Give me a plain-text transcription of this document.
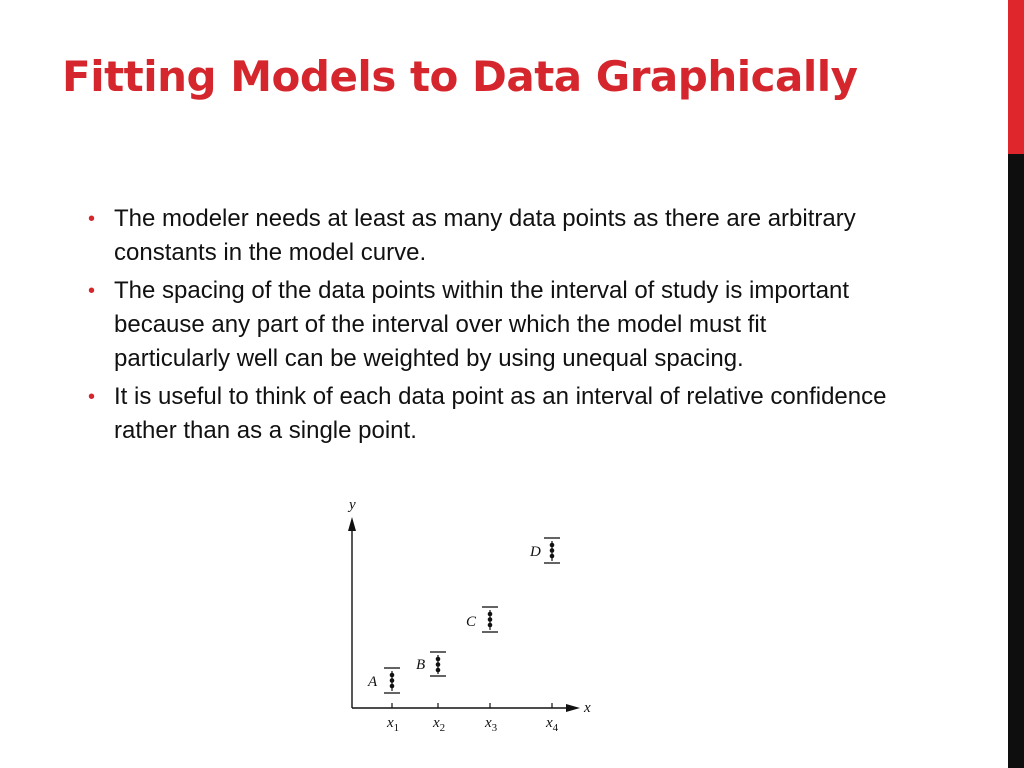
Fitting Models to Data Graphically
• The modeler needs at least as many data points as there are arbitrary constants in the model curve.
• The spacing of the data points within the interval of study is important because any part of the interval over which the model must fit particularly well can be weighted by using unequal spacing.
• It is useful to think of each data point as an interval of relative confidence rather than as a single point.
y
x
$x_1$ $x_2$	$x_3$	$x_4$
A
B
C
D
